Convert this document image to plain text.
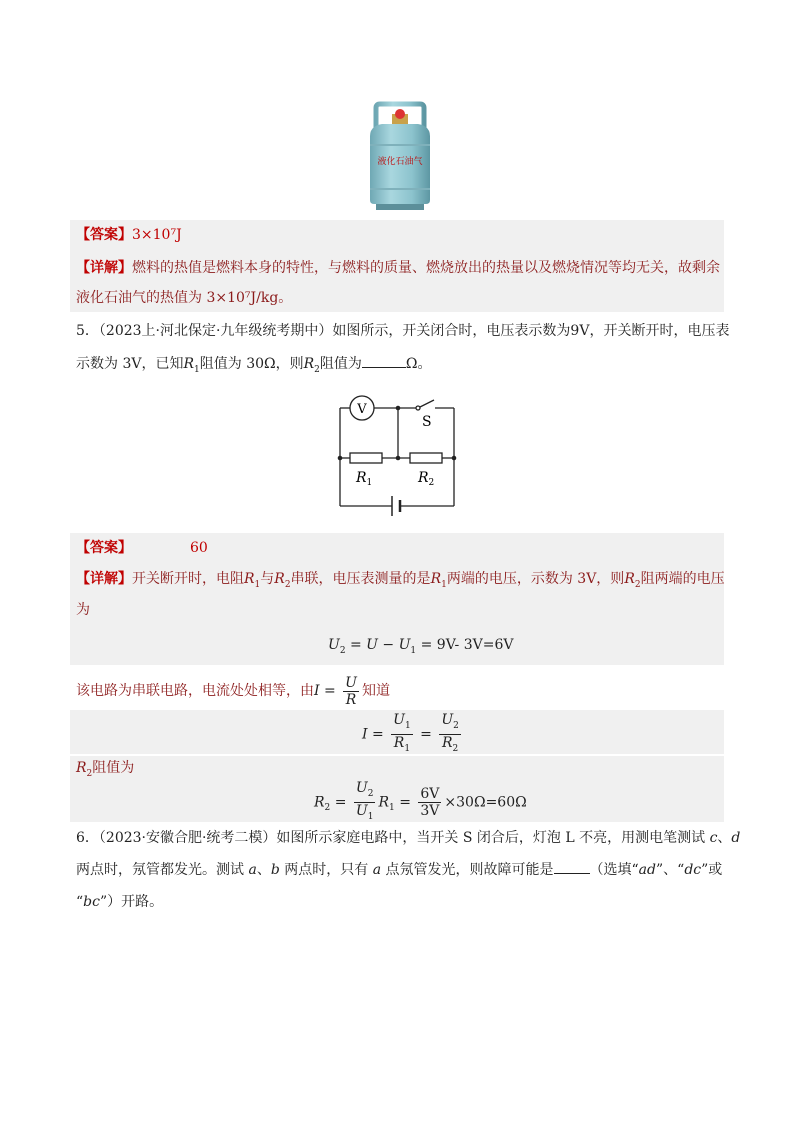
液化石油气
【答案】3×10⁷J
【详解】燃料的热值是燃料本身的特性，与燃料的质量、燃烧放出的热量以及燃烧情况等均无关，故剩余
液化石油气的热值为 3×10⁷J/kg。
5．（2023上·河北保定·九年级统考期中）如图所示，开关闭合时，电压表示数为9V，开关断开时，电压表
示数为 3V，已知$R_1$阻值为 30Ω，则$R_2$阻值为	Ω。
V
S
$R_1$	$R_2$
【答案】	60
【详解】开关断开时，电阻$R_1$与$R_2$串联，电压表测量的是$R_1$两端的电压，示数为 3V，则$R_2$阻两端的电压
为
$U_2 = U - U_1 = 9V-$ 3V=6V
该电路为串联电路，电流处处相等，由$I = \frac{U}{R}$ 知道
$I = \frac{U_1}{R_1} = \frac{U_2}{R_2}$
$R_2$阻值为
$R_2 = \frac{U_2}{U_1} R_1 = \frac{6V}{3V} \times 30\Omega=60\Omega$
6．（2023·安徽合肥·统考二模）如图所示家庭电路中，当开关 S 闭合后，灯泡 L 不亮，用测电笔测试 c、d
两点时，氖管都发光。测试 a、b 两点时，只有 a 点氖管发光，则故障可能是	（选填“ad”、“dc”或
“bc”）开路。
